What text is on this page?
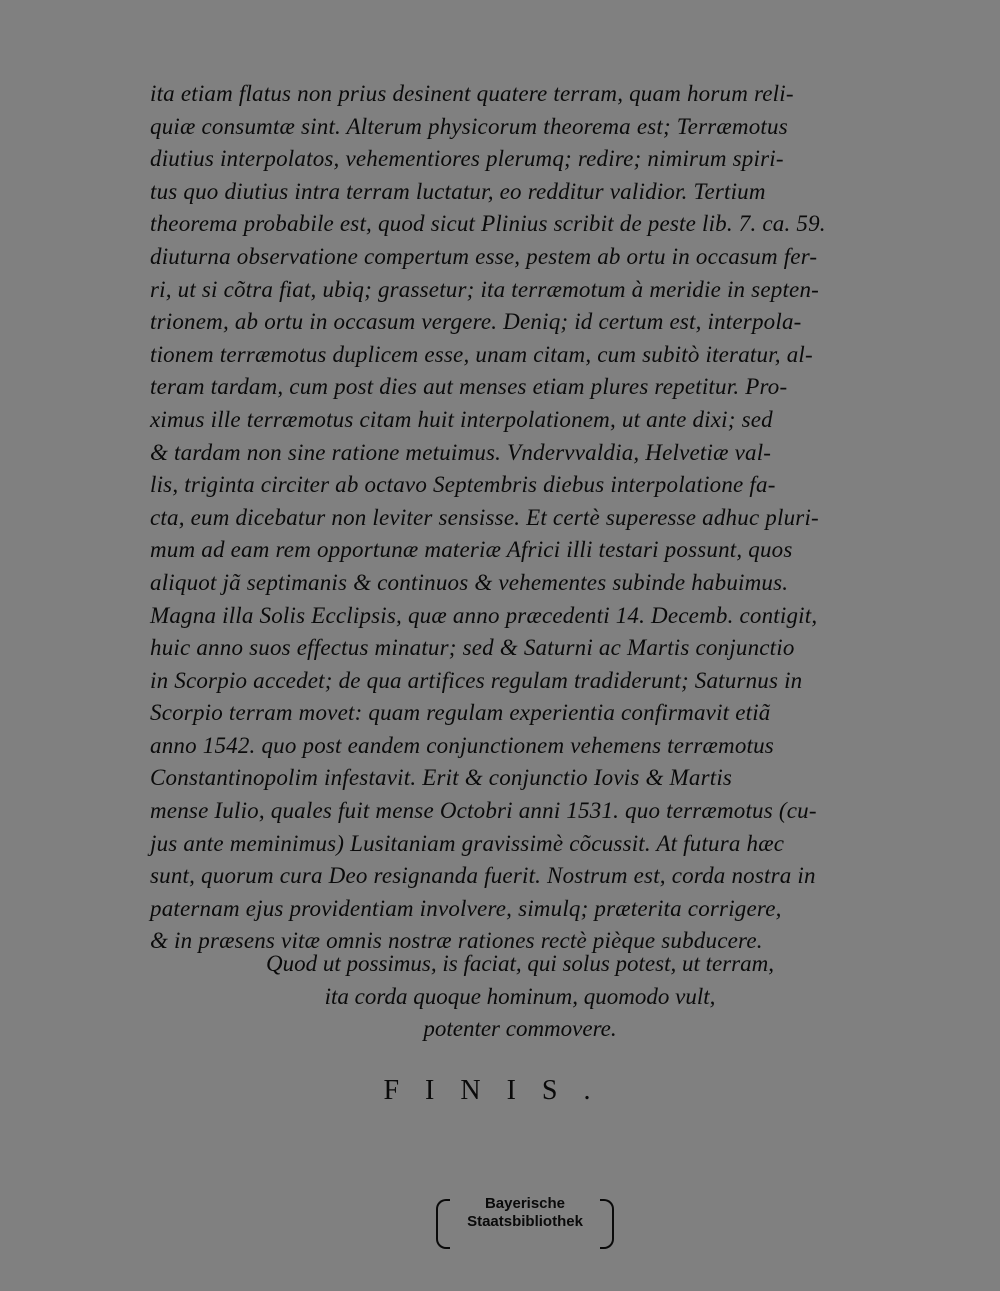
ita etiam flatus non prius desinent quatere terram, quam horum reli-
quiæ consumtæ sint. Alterum physicorum theorema est; Terræmotus
diutius interpolatos, vehementiores plerumq; redire; nimirum spiri-
tus quo diutius intra terram luctatur, eo redditur validior. Tertium
theorema probabile est, quod sicut Plinius scribit de peste lib. 7. ca. 59.
diuturna observatione compertum esse, pestem ab ortu in occasum fer-
ri, ut si cõtra fiat, ubiq; grassetur; ita terræmotum à meridie in septen-
trionem, ab ortu in occasum vergere. Deniq; id certum est, interpola-
tionem terræmotus duplicem esse, unam citam, cum subitò iteratur, al-
teram tardam, cum post dies aut menses etiam plures repetitur. Pro-
ximus ille terræmotus citam huit interpolationem, ut ante dixi; sed
& tardam non sine ratione metuimus. Vndervvaldia, Helvetiæ val-
lis, triginta circiter ab octavo Septembris diebus interpolatione fa-
cta, eum dicebatur non leviter sensisse. Et certè superesse adhuc pluri-
mum ad eam rem opportunæ materiæ Africi illi testari possunt, quos
aliquot jã septimanis & continuos & vehementes subinde habuimus.
Magna illa Solis Ecclipsis, quæ anno præcedenti 14. Decemb. contigit,
huic anno suos effectus minatur; sed & Saturni ac Martis conjunctio
in Scorpio accedet; de qua artifices regulam tradiderunt; Saturnus in
Scorpio terram movet: quam regulam experientia confirmavit etiã
anno 1542. quo post eandem conjunctionem vehemens terræmotus
Constantinopolim infestavit. Erit & conjunctio Iovis & Martis
mense Iulio, quales fuit mense Octobri anni 1531. quo terræmotus (cu-
jus ante meminimus) Lusitaniam gravissimè cõcussit. At futura hæc
sunt, quorum cura Deo resignanda fuerit. Nostrum est, corda nostra in
paternam ejus providentiam involvere, simulq; præterita corrigere,
& in præsens vitæ omnis nostræ rationes rectè pièque subducere.
Quod ut possimus, is faciat, qui solus potest, ut terram,
ita corda quoque hominum, quomodo vult,
potenter commovere.
FINIS.
Bayerische
Staatsbibliothek
